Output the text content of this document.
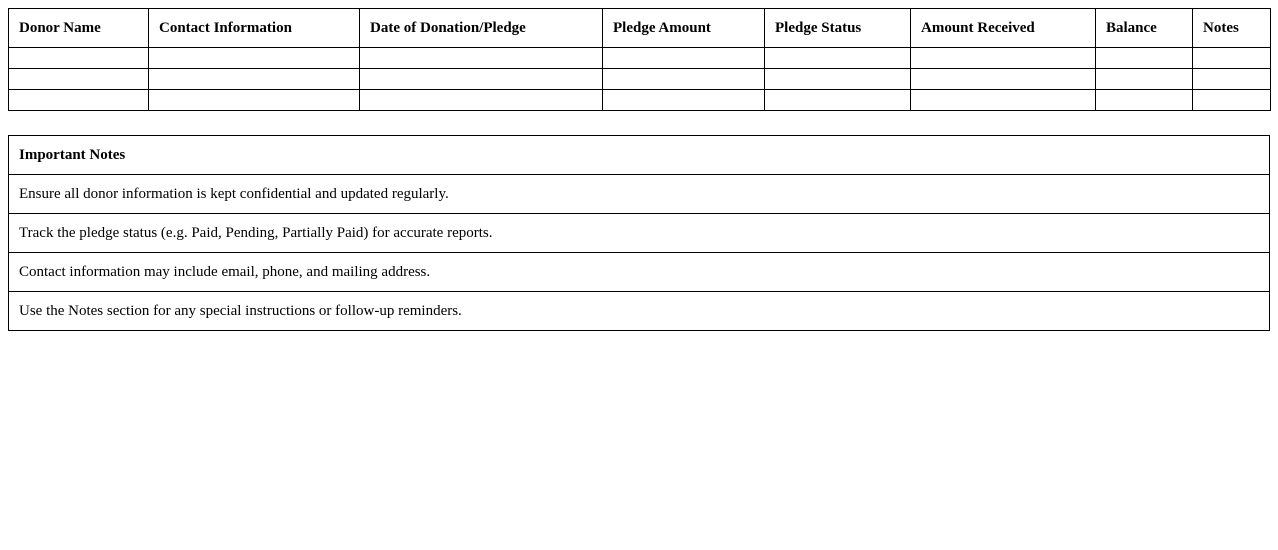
Donor Name	Contact Information	Date of Donation/Pledge	Pledge Amount	Pledge Status	Amount Received	Balance	Notes

Important Notes
Ensure all donor information is kept confidential and updated regularly.
Track the pledge status (e.g. Paid, Pending, Partially Paid) for accurate reports.
Contact information may include email, phone, and mailing address.
Use the Notes section for any special instructions or follow-up reminders.
